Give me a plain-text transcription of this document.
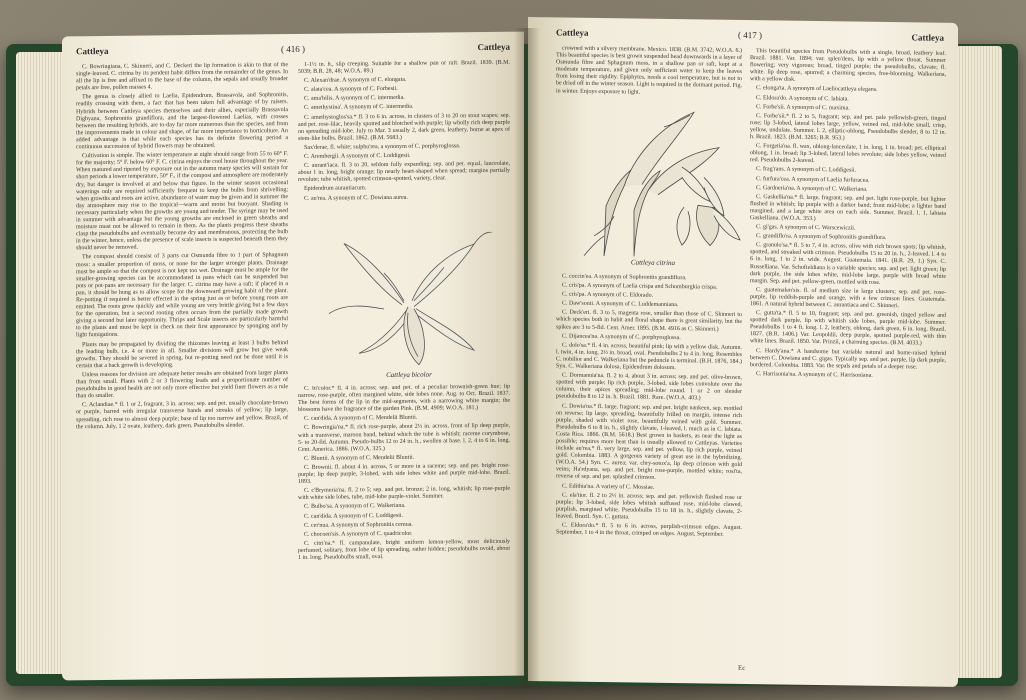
Cattleya	( 416 )	Cattleya

C. Bowringiana, C. Skinneri, and C. Deckeri the lip formation is akin to that of the single-leaved. C. citrina by its pendent habit differs from the remainder of the genus. In all the lip is free and affixed to the base of the column, the sepals and usually broader petals are free, pollen masses 4.

The genus is closely allied to Laelia, Epidendrum, Brassavola, and Sophronitis, readily crossing with them, a fact that has been taken full advantage of by raisers. Hybrids between Cattleya species themselves and their allies, especially Brassavola Digbyana, Sophronitis grandiflora, and the largest-flowered Laelias, with crosses between the resulting hybrids, are to-day far more numerous than the species, and from the improvements made in colour and shape, of far more importance to horticulture. An added advantage is that while each species has its definite flowering period a continuous succession of hybrid flowers may be obtained.

Cultivation is simple. The winter temperature at night should range from 55 to 60° F. for the majority; 5° F. below 60° F. C. citrina enjoys the cool house throughout the year. When matured and ripened by exposure out in the autumn many species will sustain for short periods a lower temperature, 50° F., if the compost and atmosphere are moderately dry, but danger is involved at and below that figure. In the winter season occasional waterings only are required sufficiently frequent to keep the bulbs from shrivelling; when growths and roots are active, abundance of water may be given and in summer the day atmosphere may rise to the tropical—warm and moist but buoyant. Shading is necessary particularly when the growths are young and tender. The syringe may be used in summer with advantage but the young growths are enclosed in green sheaths and moisture must not be allowed to remain in them. As the plants progress these sheaths clasp the pseudobulbs and eventually become dry and membranous, protecting the bulb in the winter, hence, unless the presence of scale insects is suspected beneath them they should never be removed.

The compost should consist of 3 parts cut Osmunda fibre to 1 part of Sphagnum moss: a smaller proportion of moss, or none for the larger stronger plants. Drainage must be ample so that the compost is not kept too wet. Drainage must be ample for the smaller-growing species can be accommodated in pans which can be suspended but pots or pot-pans are necessary for the larger. C. citrina may have a raft; if placed in a pan, it should be hung as to allow scope for the downward growing habit of the plant. Re-potting if required is better effected in the spring just as or before young roots are emitted. The roots grow quickly and while young are very brittle giving but a few days for the operation, but a second rooting often occurs from the partially made growth giving a second but later opportunity. Thrips and Scale insects are particularly harmful to the plants and must be kept in check on their first appearance by sponging and by light fumigations.

Plants may be propagated by dividing the rhizomes leaving at least 3 bulbs behind the leading bulb, i.e. 4 or more in all. Smaller divisions will grow but give weak growths. They should be severed in spring, but re-potting need not be done until it is certain that a back growth is developing.

Unless reasons for division are adequate better results are obtained from larger plants than from small. Plants with 2 or 3 flowering leads and a proportionate number of pseudobulbs in good health are not only more effective but yield finer flowers as a rule than do smaller.

C. Aclandiae.* fl. 1 or 2, fragrant, 3 in. across; sep. and pet. usually chocolate-brown or purple, barred with irregular transverse bands and streaks of yellow; lip large, spreading, rich rose to almost deep purple; base of lip too narrow and yellow. Brazil, of the column. July, 1 2 ovate, leathery, dark green. Pseudobulbs slender.

1-1½ in. h., slip creeping. Suitable for a shallow pan or raft. Brazil. 1839. (B.M. 5039; B.R. 28, 48; W.O.A. 89.)

C. Alexan'drae. A synonym of C. elongata.

C. alata'cea. A synonym of C. Forbesii.

C. ama'bilis. A synonym of C. intermedia.

C. amethystina'. A synonym of C. intermedia.

C. amethystoglos'sa.* fl. 3 to 6 in. across, in clusters of 3 to 20 on stout scapes; sep. and pet. rose-lilac, heavily spotted and blotched with purple; lip wholly rich deep purple on spreading mid-lobe. July to Mar. 3 usually 2, dark green, leathery, borne at apex of stem-like bulbs. Brazil. 1862. (B.M. 5683.)

Sax'derae, fl. white; sulphu'rea, a synonym of C. porphyroglossa.

C. Arembergii. A synonym of C. Loddigesii.

C. aurant'iaca. fl. 3 to 20, seldom fully expanding; sep. and pet. equal, lanceolate, about 1 in. long, bright orange; lip nearly heart-shaped when spread; margins partially revolute; tube whitish, spotted crimson-spotted, variety, clear.

Epidendrum aurantiacum.

C. au'rea. A synonym of C. Dowiana aurea.

Cattleya bicolor

C. bi'color.* fl. 4 in. across; sep. and pet. of a peculiar brownish-green hue; lip narrow, rose-purple, often margined white, side lobes none. Aug. to Oct. Brazil. 1837. The best forms of the lip in the mid-segments, with a narrowing white margin; the blossoms have the fragrance of the garden Pink. (B.M. 4909; W.O.A. 181.)

C. can'dida. A synonym of C. Mendelii Bluntii.

C. Bowringia'na.* fl. rich rose-purple, about 2½ in. across, front of lip deep purple, with a transverse, maroon band, behind which the tube is whitish; raceme corymbose, 5- to 20-fld. Autumn. Pseudo-bulbs 12 to 24 in. h., swollen at base. l. 2, 4 to 6 in. long. Cent. America. 1886. (W.O.A. 325.)

C. Bluntii. A synonym of C. Mendelii Bluntii.

C. Brownii. fl. about 4 in. across, 5 or more in a raceme; sep. and pet. bright rose-purple; lip deep purple, 3-lobed, with side lobes white and purple mid-lobe. Brazil. 1893.

C. c'Brymeria'na. fl. 2 to 5; sep. and pet. bronze; 2 in. long, whitish; lip rose-purple with white side lobes, tube, mid-lobe purple-violet. Summer.

C. Bulbo'sa. A synonym of C. Walkeriana.

C. can'dida. A synonym of C. Loddigesii.

C. cer'nua. A synonym of Sophronitis cernua.

C. chocoen'sis. A synonym of C. quadricolor.

C. citri'na.* fl. campanulate, bright uniform lemon-yellow, most deliciously perfumed, solitary, front lobe of lip spreading, rather hidden; pseudobulbs ovoid, about 1 in. long. Pseudobulbs small, oval.

Cattleya	( 417 )	Cattleya

crowned with a silvery membrane. Mexico. 1838. (B.M. 3742; W.O.A. 6.) This beautiful species is best grown suspended head downwards in a layer of Osmunda fibre and Sphagnum moss, in a shallow pan or raft, kept at a moderate temperature, and given only sufficient water to keep the leaves from losing their rigidity. Epiphytes, needs a cool temperature, but is not to be dried off in the winter season. Light is required in the dormant period. Fig. in winter. Enjoys exposure to light.

Cattleya citrina

C. coccin'ea. A synonym of Sophronitis grandiflora.

C. cris'pa. A synonym of Laelia crispa and Schomburgkia crispa.

C. cris'pa. A synonym of C. Eldorado.

C. Daw'sonii. A synonym of C. Luddemanniana.

C. Deck'eri. fl. 3 to 5, magenta rose, smaller than those of C. Skinneri to which species both in habit and floral shape there is great similarity, but the spikes are 3 to 5-fld. Cent. Amer. 1895. (B.M. 4916 as C. Skinneri.)

C. Dijancea'na. A synonym of C. porphyroglossa.

C. dolo'sa.* fl. 4 in. across, beautiful pink; lip with a yellow disk. Autumn. l. twin, 4 in. long, 2½ in. broad, oval. Pseudobulbs 2 to 4 in. long. Resembles C. nobilior and C. Walkeriana but the peduncle is terminal. (B.H. 1876, 184.) Syn. C. Walkeriana dolosa, Epidendrum dolosum.

C. Dormannia'na. fl. 2 to 4, about 3 in. across; sep. and pet. olive-brown, spotted with purple; lip rich purple, 3-lobed, side lobes convolute over the column, their apices spreading; mid-lobe round. 1 or 2 on slender pseudobulbs 8 to 12 in. h. Brazil. 1881. Rare. (W.O.A. 403.)

C. Dowia'na.* fl. large, fragrant; sep. and pet. bright nankeen, sep. mottled on reverse; lip large, spreading, beautifully frilled on margin, intense rich purple, shaded with violet rose, beautifully veined with gold. Summer. Pseudobulbs 6 to 8 in. h., slightly clavate, 1-leaved, l. much as in C. labiata. Costa Rica. 1866. (B.M. 5618.) Best grown in baskets, as near the light as possible; requires more heat than is usually allowed to Cattleyas. Varieties include au'rea,* fl. very large, sep. and pet. yellow, lip rich purple, veined gold. Colombia. 1883. A gorgeous variety of great use in the hybridizing. (W.O.A. 54.) Syn. C. aurea; var. chry-sotox'a, lip deep crimson with gold veins; Ha'rdyana, sep. and pet. bright rose-purple, mottled white; rosi'ta, reverse of sep. and pet. splashed crimson.

C. Edithia'na. A variety of C. Mossiae.

C. ela'tior. fl. 2 to 2½ in. across; sep. and pet. yellowish flushed rose or purple; lip 3-lobed, side lobes whitish suffused rose, mid-lobe clawed, purplish, margined white. Pseudobulbs 15 to 18 in. h., slightly clavate, 2-leaved. Brazil. Syn. C. guttata.

C. Eldora'do.* fl. 5 to 6 in. across, purplish-crimson edges. August. September, 1 to 4 in the throat, crimped on edges. August, September.

This beautiful species from Pseudobulbs with a single, broad, leathery leaf. Brazil. 1881. Var. 1894; var. splen'dens, lip with a yellow throat. Summer flowering; very vigorous; broad, tinged purple; the pseudobulbs, clavate; fl. white. lip deep rose, spurred; a charming species, free-blooming. Walkeriana, with a yellow disk.

C. elonga'ta. A synonym of Laeliocattleya elegans.

C. Eldora'do. A synonym of C. labiata.

C. Forbe'sii. A synonym of C. maxima.

C. Forbe'sii.* fl. 2 to 5, fragrant; sep. and pet. pale yellowish-green, tinged rose; lip 3-lobed, lateral lobes large, yellow, veined red, mid-lobe small, crisp, yellow, undulate. Summer. l. 2, elliptic-oblong, Pseudobulbs slender, 8 to 12 in. h. Brazil. 1823. (B.M. 3265; B.R. 953.)

C. Forgetia'na. fl. wax, oblong-lanceolate, 1 in. long, 1 in. broad; pet. elliptical oblong, 1 in. broad; lip 3-lobed, lateral lobes revolute; side lobes yellow, veined red. Pseudobulbs 2-leaved.

C. frag'rans. A synonym of C. Loddigesii.

C. furfura'cea. A synonym of Laelia furfuracea.

C. Gardneria'na. A synonym of C. Walkeriana.

C. Gaskellia'na.* fl. large, fragrant; sep. and pet. light rose-purple, but lighter flushed in whitish; lip purple with a darker band; front mid-lobe; a lighter band margined, and a large white area on each side. Summer. Brazil. l. 1, labiata Gaskelliana. (W.O.A. 353.)

C. gi'gas. A synonym of C. Warscewiczii.

C. grandiflo'ra. A synonym of Sophronitis grandiflora.

C. granulo'sa.* fl. 5 to 7, 4 in. across, olive with rich brown spots; lip whitish, spotted, and streaked with crimson. Pseudobulbs 15 to 20 in. h., 2-leaved. l. 4 to 6 in. long, 1 to 2 in. wide. August. Guatemala. 1841. (B.R. 29, 1.) Syn. C. Russelliana. Var. Schofieldiana is a variable species; sep. and pet. light green; lip dark purple, the side lobes white, mid-lobe large, purple with broad white margin. Sep. and pet. yellow-green, mottled with rose.

C. guatemalen'sis. fl. of medium size in large clusters; sep. and pet. rose-purple, lip reddish-purple and orange, with a few crimson lines. Guatemala. 1861. A natural hybrid between C. aurantiaca and C. Skinneri.

C. gutta'ta.* fl. 5 to 10, fragrant; sep. and pet. greenish, tinged yellow and spotted dark purple, lip with whitish side lobes, purple mid-lobe. Summer. Pseudobulbs 1 to 4 ft. long. l. 2, leathery, oblong, dark green, 6 in. long. Brazil. 1827. (B.R. 1406.) Var. Leopoldii, deep purple, spotted purple-red, with thin white lines. Brazil. 1850. Var. Prinzii, a charming species. (B.M. 4033.)

C. Hardy'ana.* A handsome but variable natural and home-raised hybrid between C. Dowiana and C. gigas. Typically sep. and pet. purple, lip dark purple, bordered. Colombia. 1883. Var. the sepals and petals of a deeper rose.

C. Harrisonia'na. A synonym of C. Harrisoniana.

Ec
